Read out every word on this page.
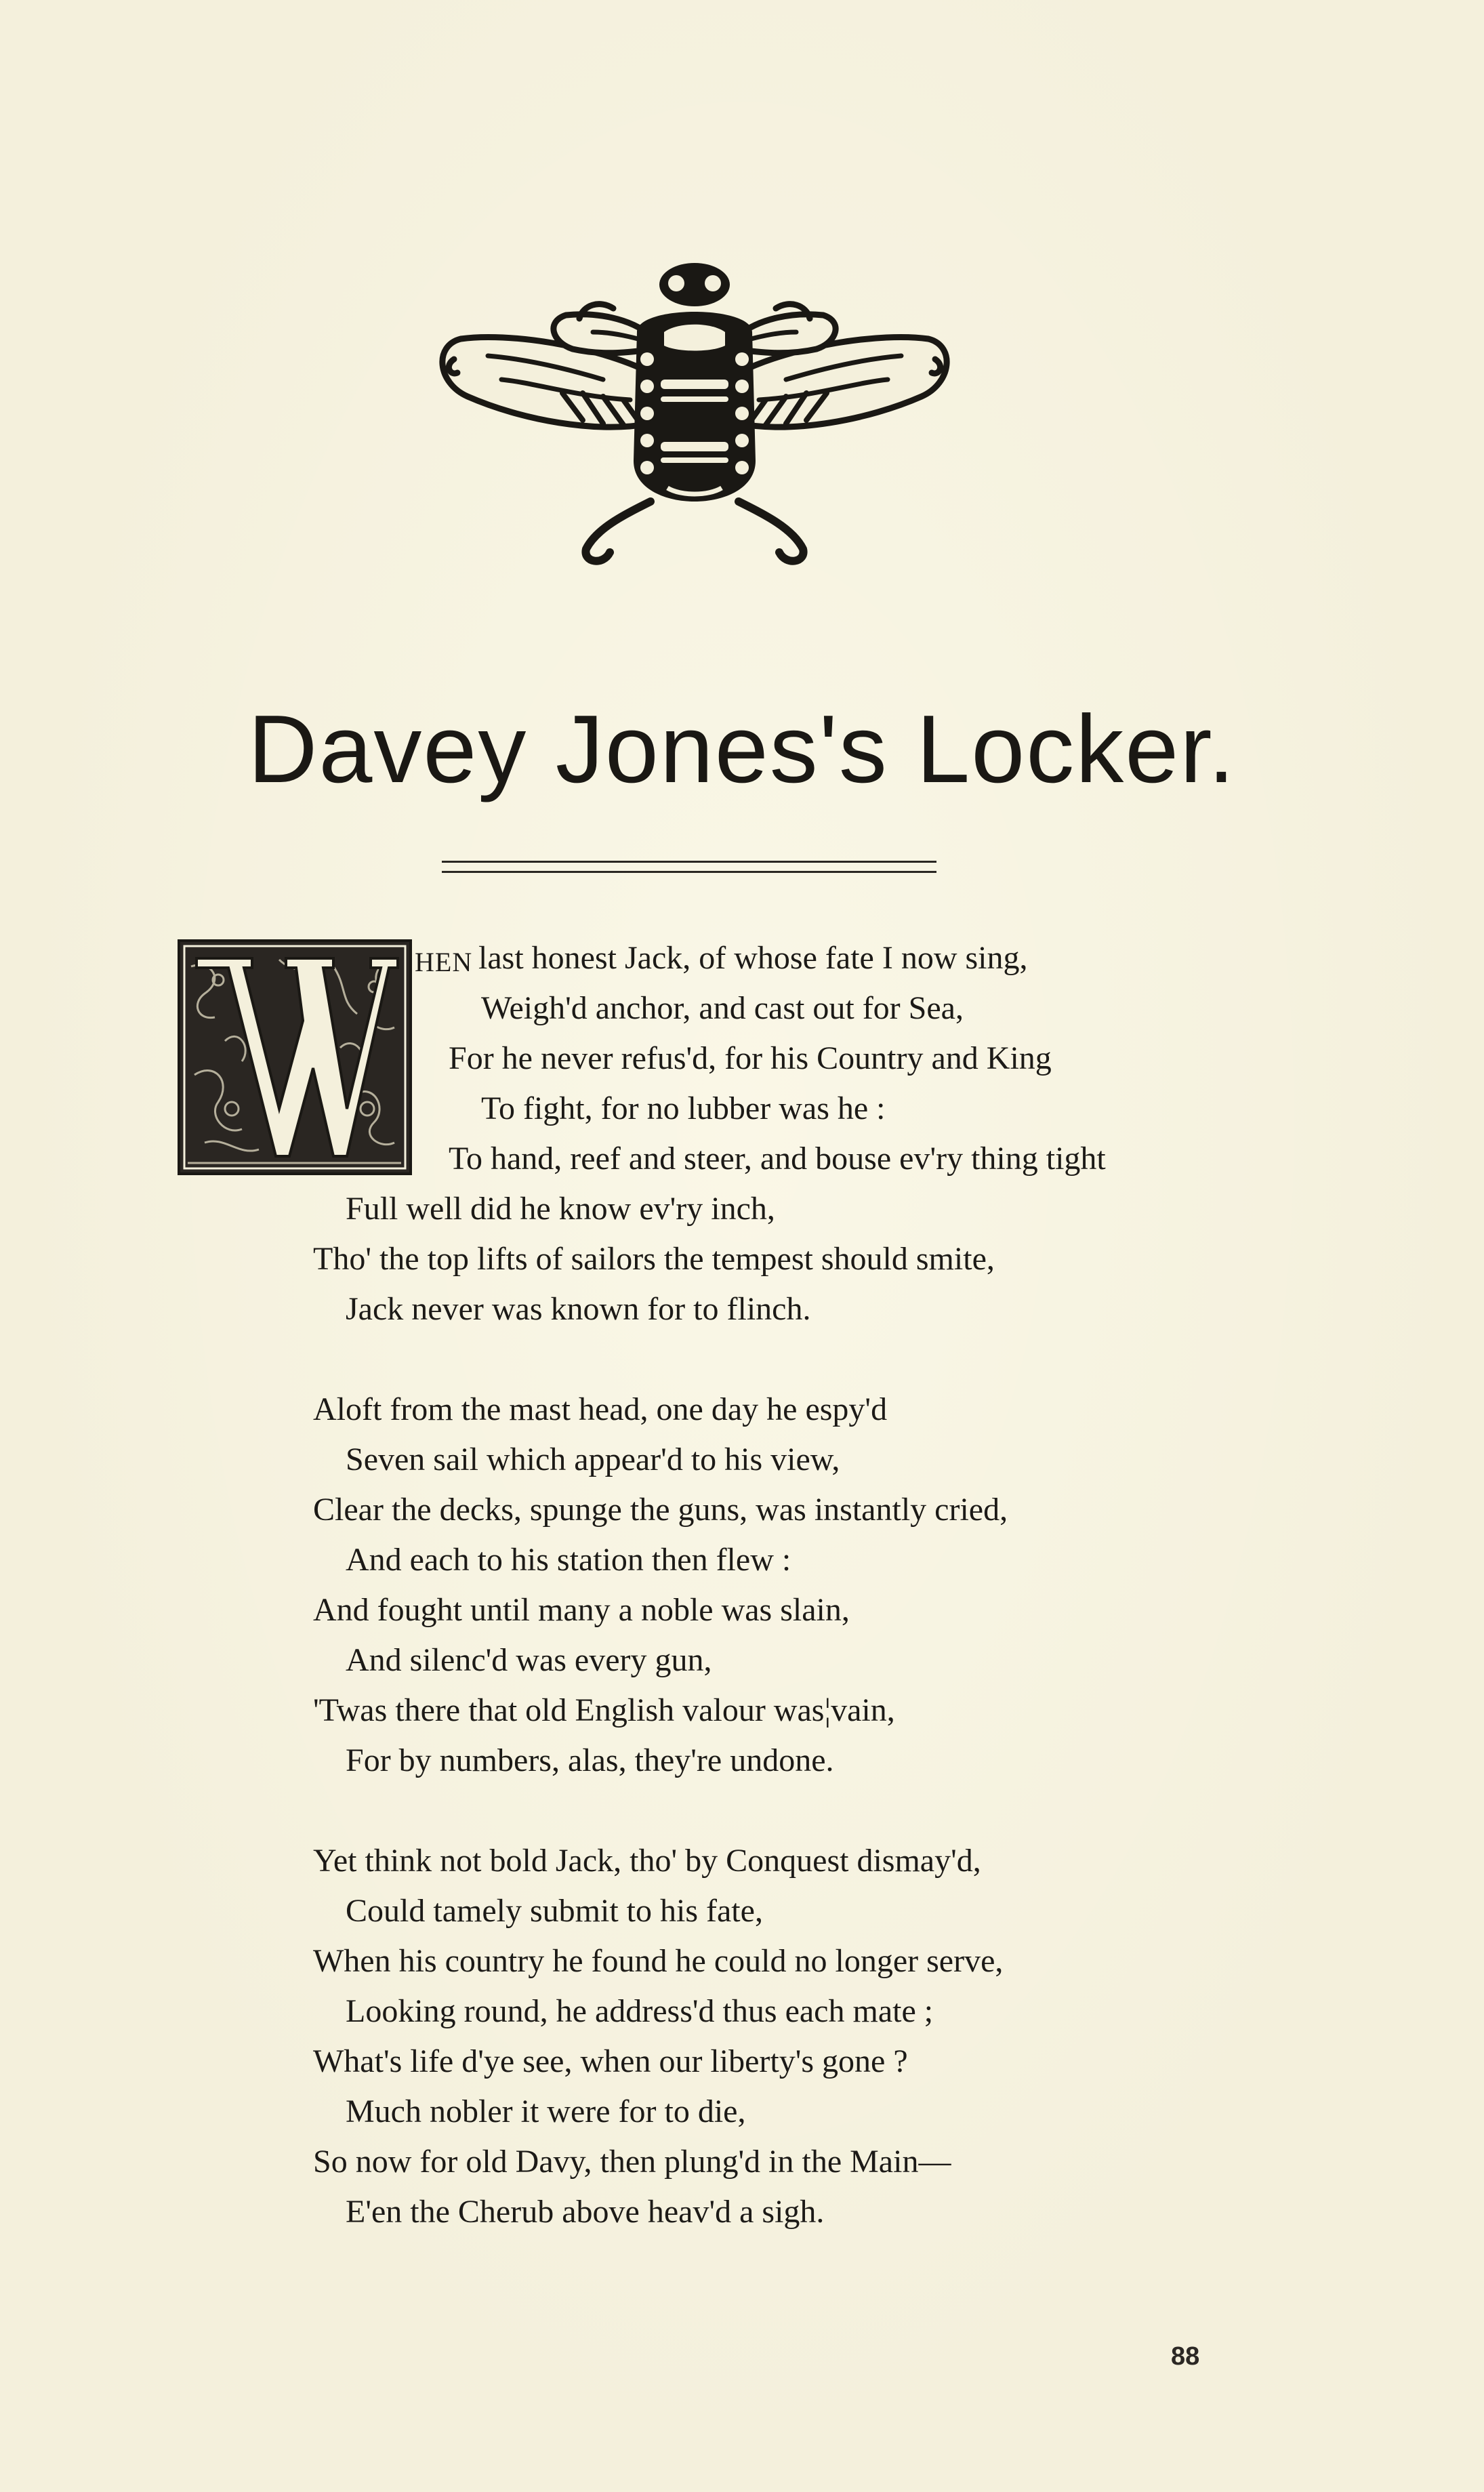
Davey Jones's Locker.
HEN last honest Jack, of whose fate I now sing,
Weigh'd anchor, and cast out for Sea,
For he never refus'd, for his Country and King
To fight, for no lubber was he :
To hand, reef and steer, and bouse ev'ry thing tight
Full well did he know ev'ry inch,
Tho' the top lifts of sailors the tempest should smite,
Jack never was known for to flinch.
Aloft from the mast head, one day he espy'd
Seven sail which appear'd to his view,
Clear the decks, spunge the guns, was instantly cried,
And each to his station then flew :
And fought until many a noble was slain,
And silenc'd was every gun,
'Twas there that old English valour was¦vain,
For by numbers, alas, they're undone.
Yet think not bold Jack, tho' by Conquest dismay'd,
Could tamely submit to his fate,
When his country he found he could no longer serve,
Looking round, he address'd thus each mate ;
What's life d'ye see, when our liberty's gone ?
Much nobler it were for to die,
So now for old Davy, then plung'd in the Main—
E'en the Cherub above heav'd a sigh.
88
